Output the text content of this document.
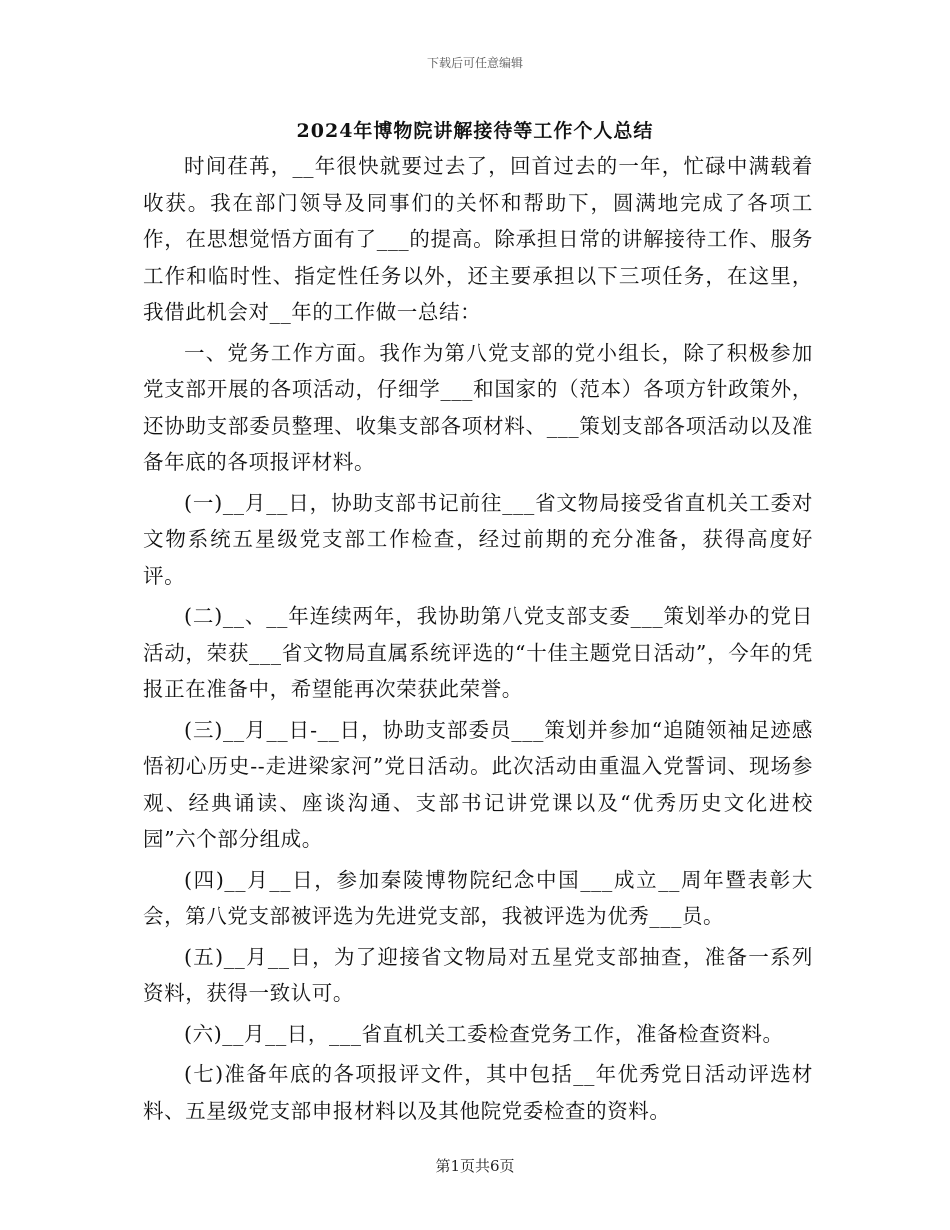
下载后可任意编辑
2024年博物院讲解接待等工作个人总结

时间荏苒，__年很快就要过去了，回首过去的一年，忙碌中满载着收获。我在部门领导及同事们的关怀和帮助下，圆满地完成了各项工作，在思想觉悟方面有了___的提高。除承担日常的讲解接待工作、服务工作和临时性、指定性任务以外，还主要承担以下三项任务，在这里，我借此机会对__年的工作做一总结：

一、党务工作方面。我作为第八党支部的党小组长，除了积极参加党支部开展的各项活动，仔细学___和国家的（范本）各项方针政策外，还协助支部委员整理、收集支部各项材料、___策划支部各项活动以及准备年底的各项报评材料。

(一)__月__日，协助支部书记前往___省文物局接受省直机关工委对文物系统五星级党支部工作检查，经过前期的充分准备，获得高度好评。

(二)__、__年连续两年，我协助第八党支部支委___策划举办的党日活动，荣获___省文物局直属系统评选的“十佳主题党日活动”，今年的凭报正在准备中，希望能再次荣获此荣誉。

(三)__月__日-__日，协助支部委员___策划并参加“追随领袖足迹感悟初心历史--走进梁家河”党日活动。此次活动由重温入党誓词、现场参观、经典诵读、座谈沟通、支部书记讲党课以及“优秀历史文化进校园”六个部分组成。

(四)__月__日，参加秦陵博物院纪念中国___成立__周年暨表彰大会，第八党支部被评选为先进党支部，我被评选为优秀___员。

(五)__月__日，为了迎接省文物局对五星党支部抽查，准备一系列资料，获得一致认可。

(六)__月__日，___省直机关工委检查党务工作，准备检查资料。

(七)准备年底的各项报评文件，其中包括__年优秀党日活动评选材料、五星级党支部申报材料以及其他院党委检查的资料。

第1页共6页
